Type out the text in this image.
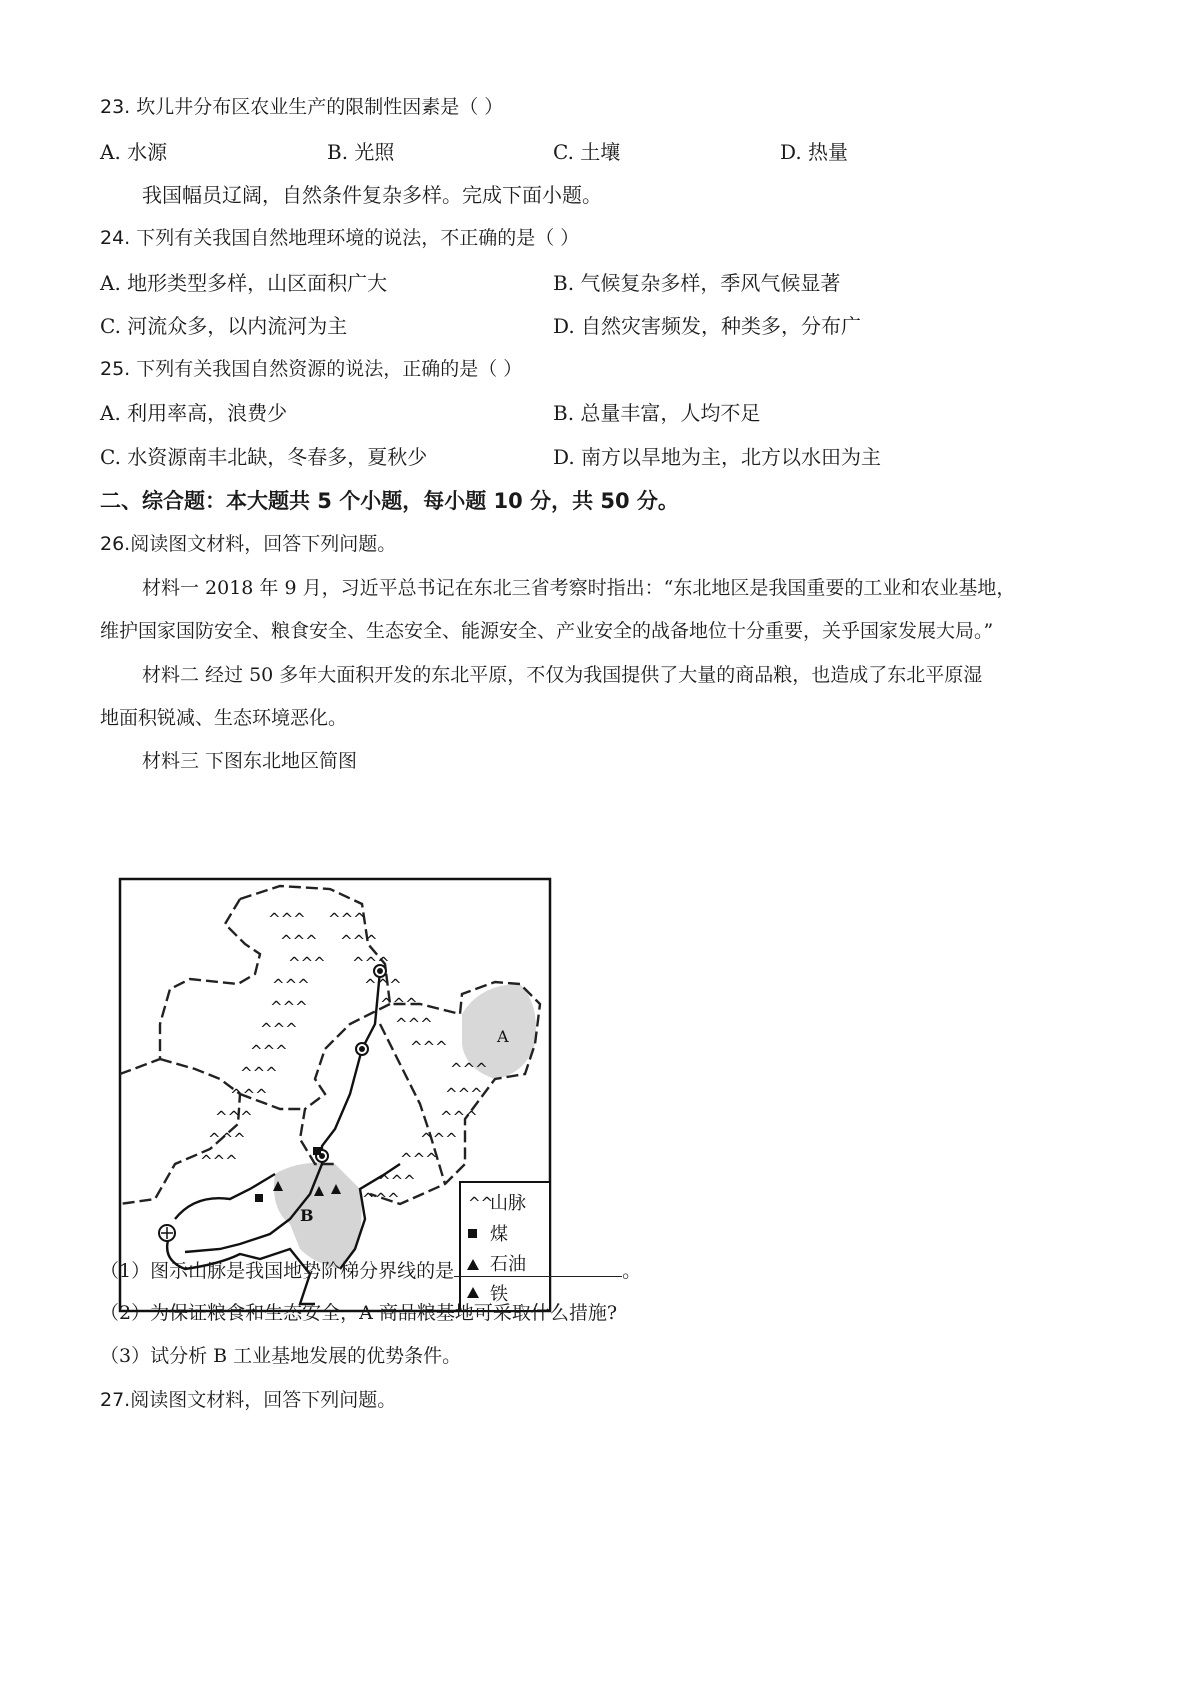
23. 坎儿井分布区农业生产的限制性因素是（ ）
A. 水源	B. 光照	C. 土壤	D. 热量
我国幅员辽阔，自然条件复杂多样。完成下面小题。
24. 下列有关我国自然地理环境的说法，不正确的是（ ）
A. 地形类型多样，山区面积广大	B. 气候复杂多样，季风气候显著
C. 河流众多，以内流河为主	D. 自然灾害频发，种类多，分布广
25. 下列有关我国自然资源的说法，正确的是（ ）
A. 利用率高，浪费少	B. 总量丰富，人均不足
C. 水资源南丰北缺，冬春多，夏秋少	D. 南方以旱地为主，北方以水田为主
二、综合题：本大题共 5 个小题，每小题 10 分，共 50 分。
26.阅读图文材料，回答下列问题。
材料一 2018 年 9 月，习近平总书记在东北三省考察时指出：“东北地区是我国重要的工业和农业基地，
维护国家国防安全、粮食安全、生态安全、能源安全、产业安全的战备地位十分重要，关乎国家发展大局。”
材料二 经过 50 多年大面积开发的东北平原，不仅为我国提供了大量的商品粮，也造成了东北平原湿
地面积锐减、生态环境恶化。
材料三 下图东北地区简图
^^^
^^^
^^^
^^^
^^^
^^^
^^^
^^^
^^^
^^^
^^^
^^^
^^^
^^^
^^^
^^^
^^^
^^^
^^^
^^^
^^^
^^^
^^^
^^^
^^^
^^^
A
B
^^
山脉
煤
石油
铁
（1）图示山脉是我国地势阶梯分界线的是	。
（2）为保证粮食和生态安全，A 商品粮基地可采取什么措施?
（3）试分析 B 工业基地发展的优势条件。
27.阅读图文材料，回答下列问题。
